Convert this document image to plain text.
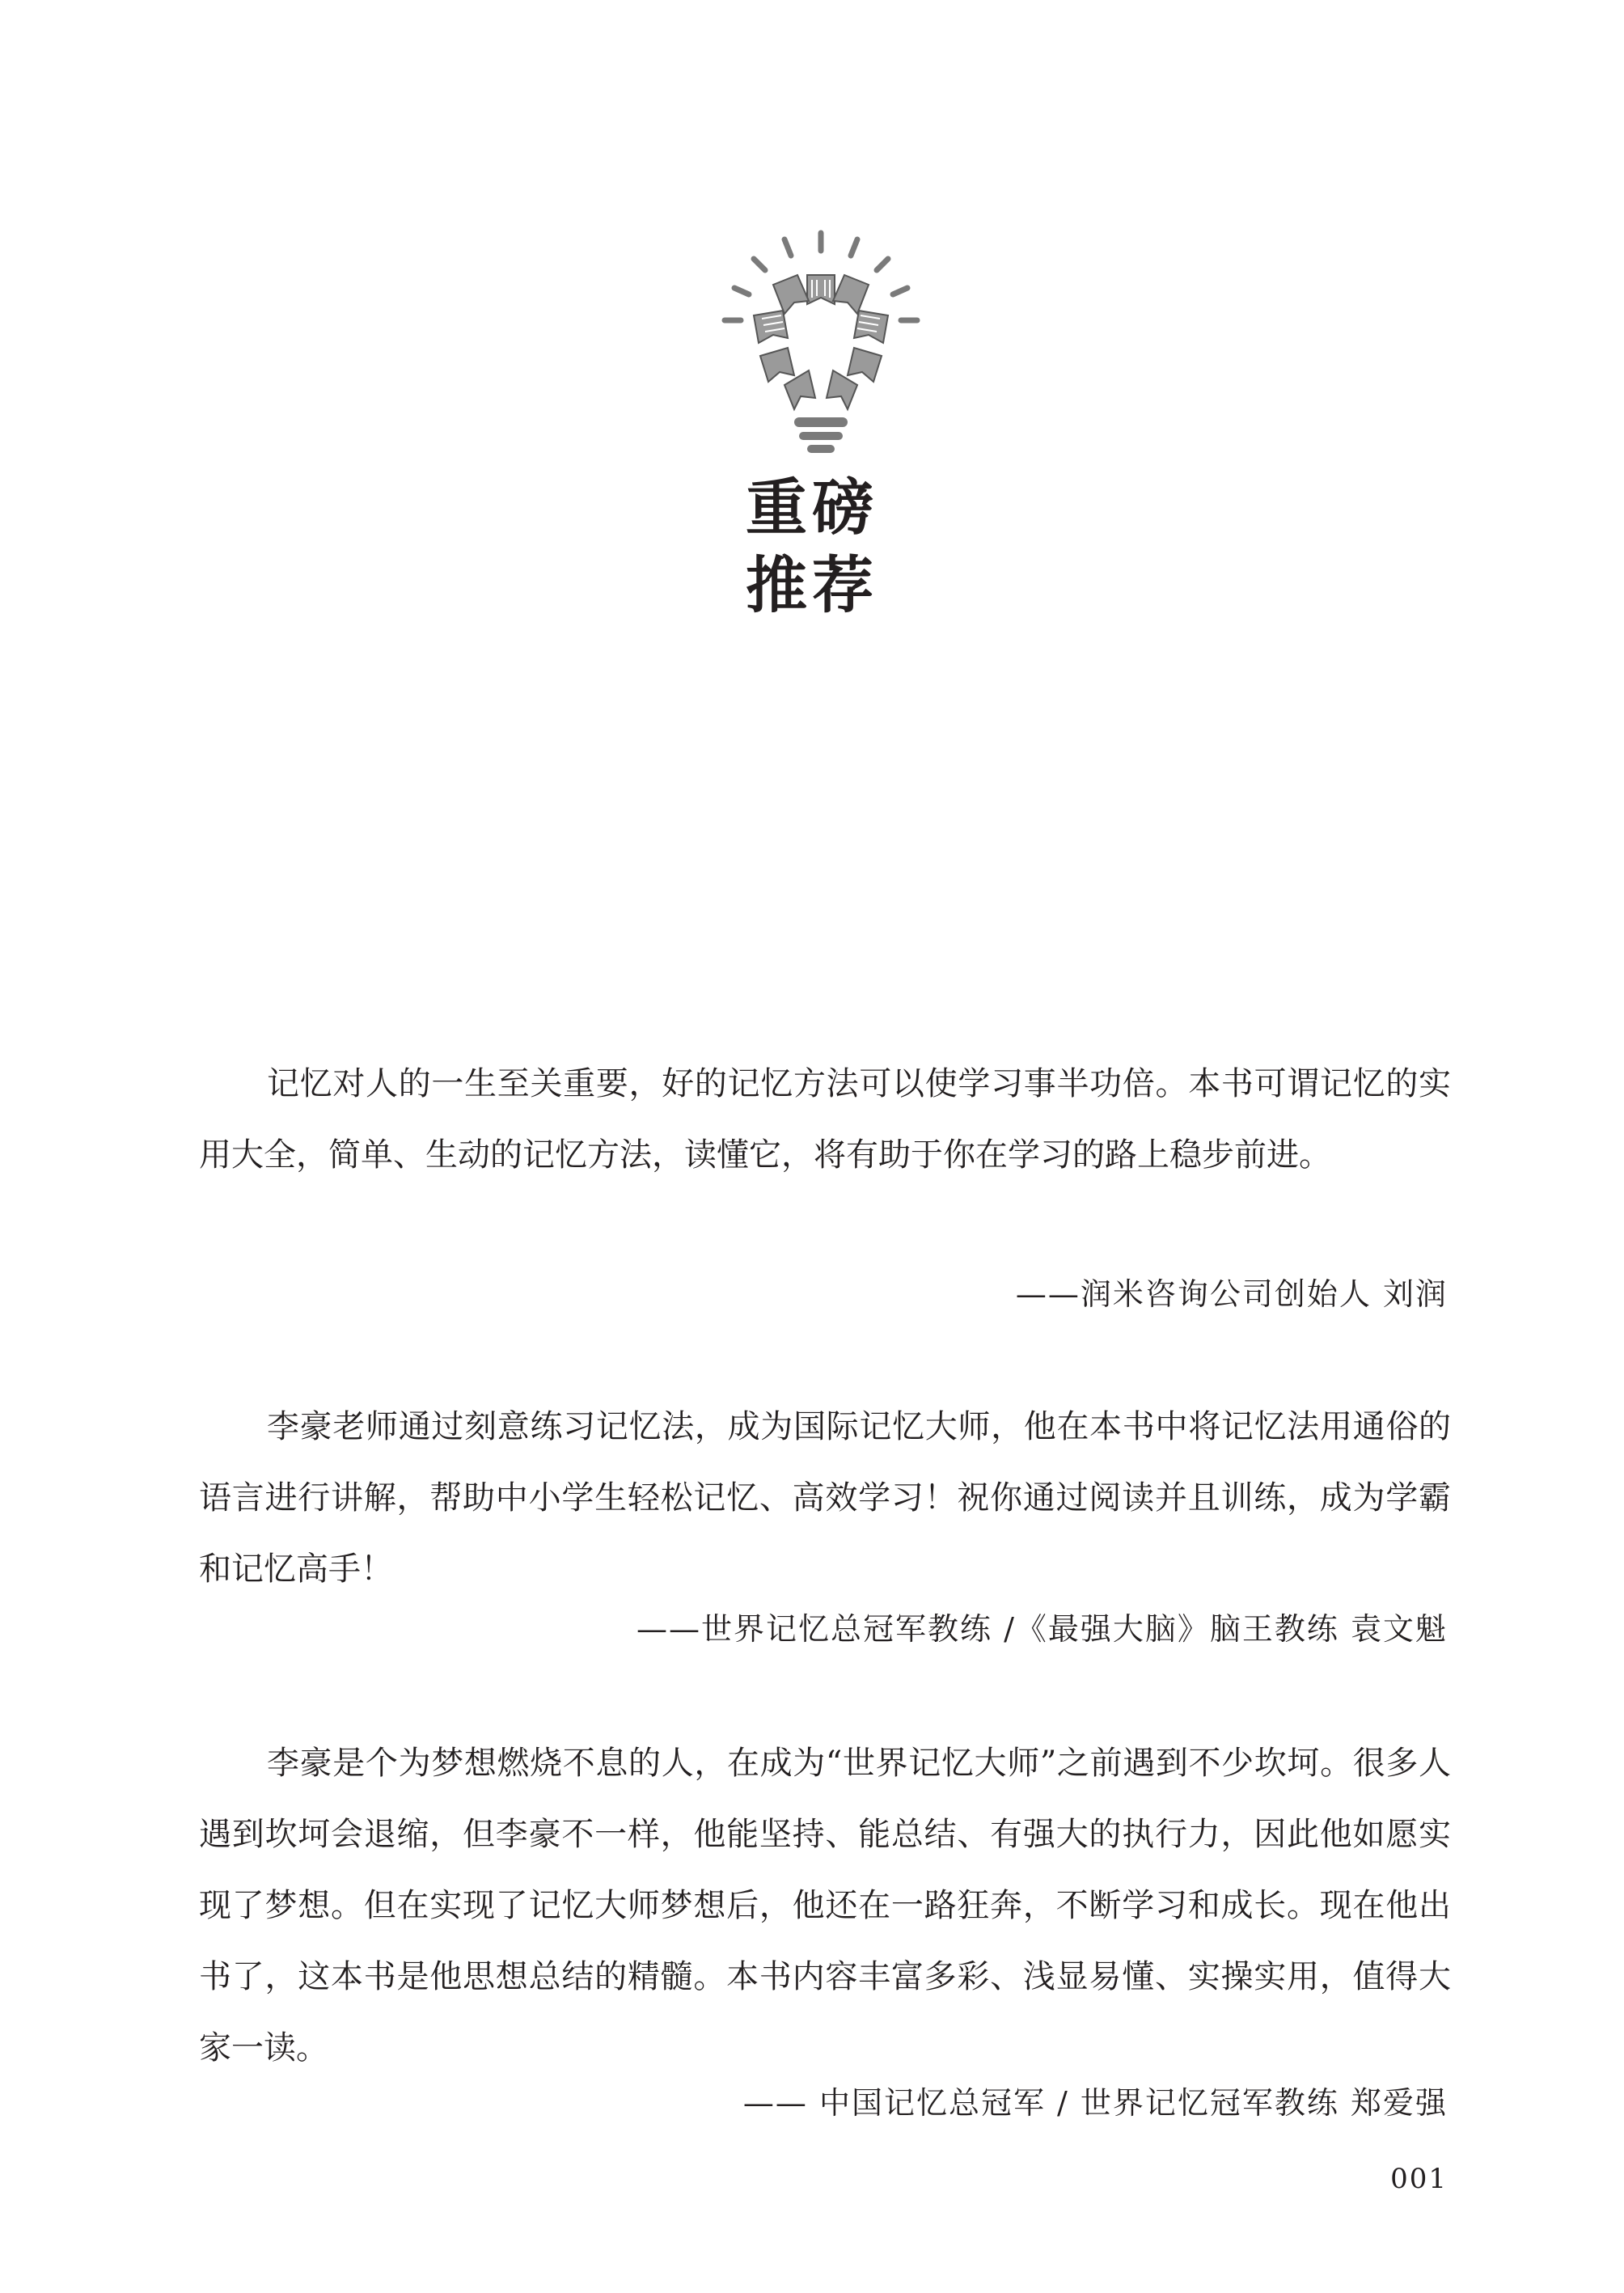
重磅
推荐

记忆对人的一生至关重要，好的记忆方法可以使学习事半功倍。本书可谓记忆的实用大全，简单、生动的记忆方法，读懂它，将有助于你在学习的路上稳步前进。

——润米咨询公司创始人 刘润

李豪老师通过刻意练习记忆法，成为国际记忆大师，他在本书中将记忆法用通俗的语言进行讲解，帮助中小学生轻松记忆、高效学习！祝你通过阅读并且训练，成为学霸和记忆高手！

——世界记忆总冠军教练 /《最强大脑》脑王教练 袁文魁

李豪是个为梦想燃烧不息的人，在成为“世界记忆大师”之前遇到不少坎坷。很多人遇到坎坷会退缩，但李豪不一样，他能坚持、能总结、有强大的执行力，因此他如愿实现了梦想。但在实现了记忆大师梦想后，他还在一路狂奔，不断学习和成长。现在他出书了，这本书是他思想总结的精髓。本书内容丰富多彩、浅显易懂、实操实用，值得大家一读。

—— 中国记忆总冠军 / 世界记忆冠军教练 郑爱强

001
